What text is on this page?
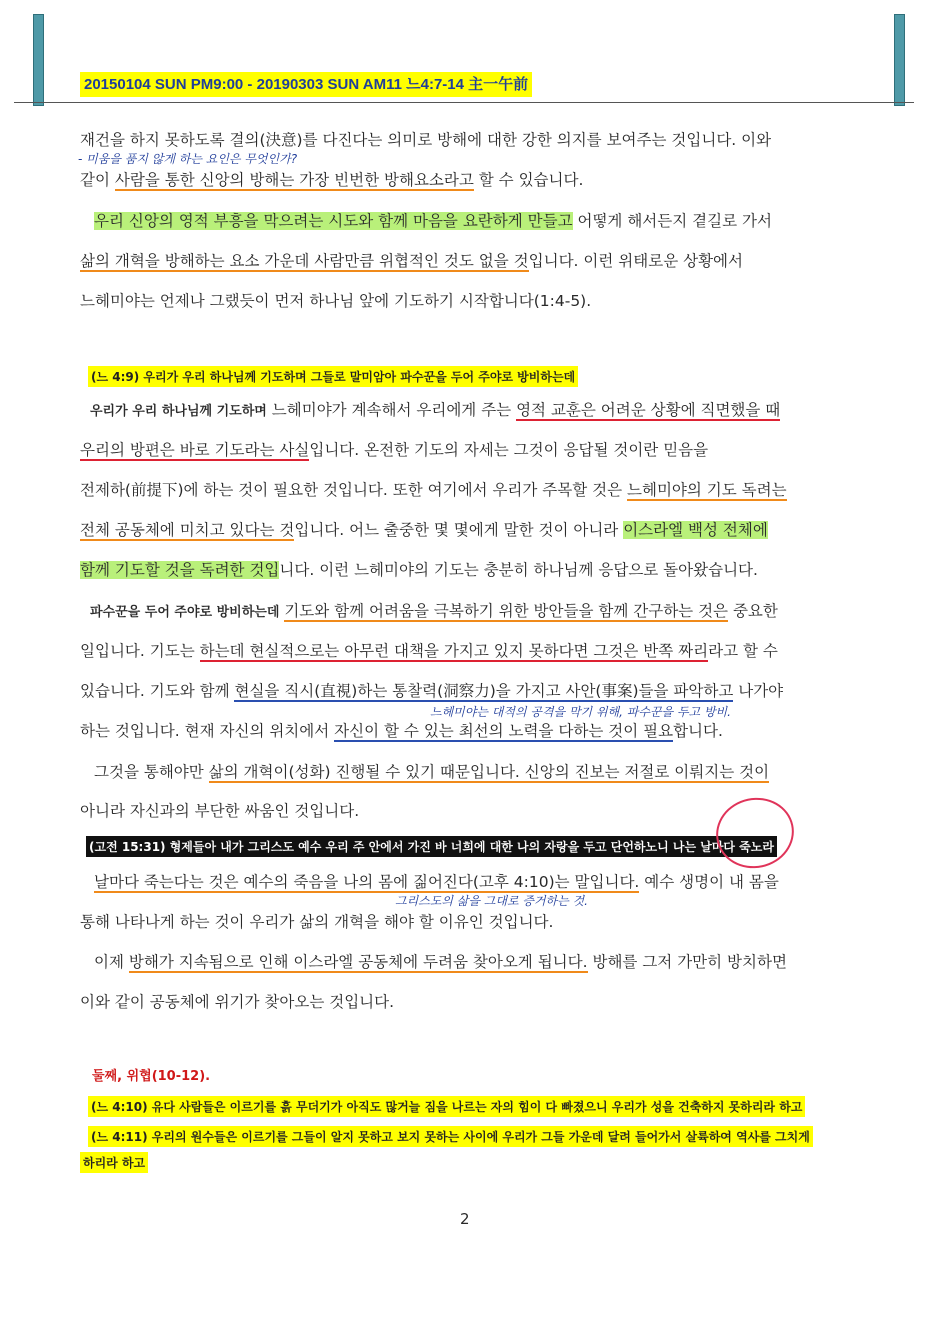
20150104 SUN PM9:00 - 20190303 SUN AM11 느4:7-14 主一午前
재건을 하지 못하도록 결의(決意)를 다진다는 의미로 방해에 대한 강한 의지를 보여주는 것입니다. 이와
- 미움을 품지 않게 하는 요인은 무엇인가?
같이 사람을 통한 신앙의 방해는 가장 빈번한 방해요소라고 할 수 있습니다.
우리 신앙의 영적 부흥을 막으려는 시도와 함께 마음을 요란하게 만들고 어떻게 해서든지 곁길로 가서
삶의 개혁을 방해하는 요소 가운데 사람만큼 위협적인 것도 없을 것입니다. 이런 위태로운 상황에서
느헤미야는 언제나 그랬듯이 먼저 하나님 앞에 기도하기 시작합니다(1:4-5).
(느 4:9) 우리가 우리 하나님께 기도하며 그들로 말미암아 파수꾼을 두어 주야로 방비하는데
우리가 우리 하나님께 기도하며 느헤미야가 계속해서 우리에게 주는 영적 교훈은 어려운 상황에 직면했을 때
우리의 방편은 바로 기도라는 사실입니다. 온전한 기도의 자세는 그것이 응답될 것이란 믿음을
전제하(前提下)에 하는 것이 필요한 것입니다. 또한 여기에서 우리가 주목할 것은 느헤미야의 기도 독려는
전체 공동체에 미치고 있다는 것입니다. 어느 출중한 몇 몇에게 말한 것이 아니라 이스라엘 백성 전체에
함께 기도할 것을 독려한 것입니다. 이런 느헤미야의 기도는 충분히 하나님께 응답으로 돌아왔습니다.
파수꾼을 두어 주야로 방비하는데 기도와 함께 어려움을 극복하기 위한 방안들을 함께 간구하는 것은 중요한
일입니다. 기도는 하는데 현실적으로는 아무런 대책을 가지고 있지 못하다면 그것은 반쪽 짜리라고 할 수
있습니다. 기도와 함께 현실을 직시(直視)하는 통찰력(洞察力)을 가지고 사안(事案)들을 파악하고 나가야
느헤미야는 대적의 공격을 막기 위해, 파수꾼을 두고 방비.
하는 것입니다. 현재 자신의 위치에서 자신이 할 수 있는 최선의 노력을 다하는 것이 필요합니다.
그것을 통해야만 삶의 개혁이(성화) 진행될 수 있기 때문입니다. 신앙의 진보는 저절로 이뤄지는 것이
아니라 자신과의 부단한 싸움인 것입니다.
(고전 15:31) 형제들아 내가 그리스도 예수 우리 주 안에서 가진 바 너희에 대한 나의 자랑을 두고 단언하노니 나는 날마다 죽노라
날마다 죽는다는 것은 예수의 죽음을 나의 몸에 짊어진다(고후 4:10)는 말입니다. 예수 생명이 내 몸을
그리스도의 삶을 그대로 증거하는 것.
통해 나타나게 하는 것이 우리가 삶의 개혁을 해야 할 이유인 것입니다.
이제 방해가 지속됨으로 인해 이스라엘 공동체에 두려움 찾아오게 됩니다. 방해를 그저 가만히 방치하면
이와 같이 공동체에 위기가 찾아오는 것입니다.
둘째, 위협(10-12).
(느 4:10) 유다 사람들은 이르기를 흙 무더기가 아직도 많거늘 짐을 나르는 자의 힘이 다 빠졌으니 우리가 성을 건축하지 못하리라 하고
(느 4:11) 우리의 원수들은 이르기를 그들이 알지 못하고 보지 못하는 사이에 우리가 그들 가운데 달려 들어가서 살륙하여 역사를 그치게
하리라 하고
2
